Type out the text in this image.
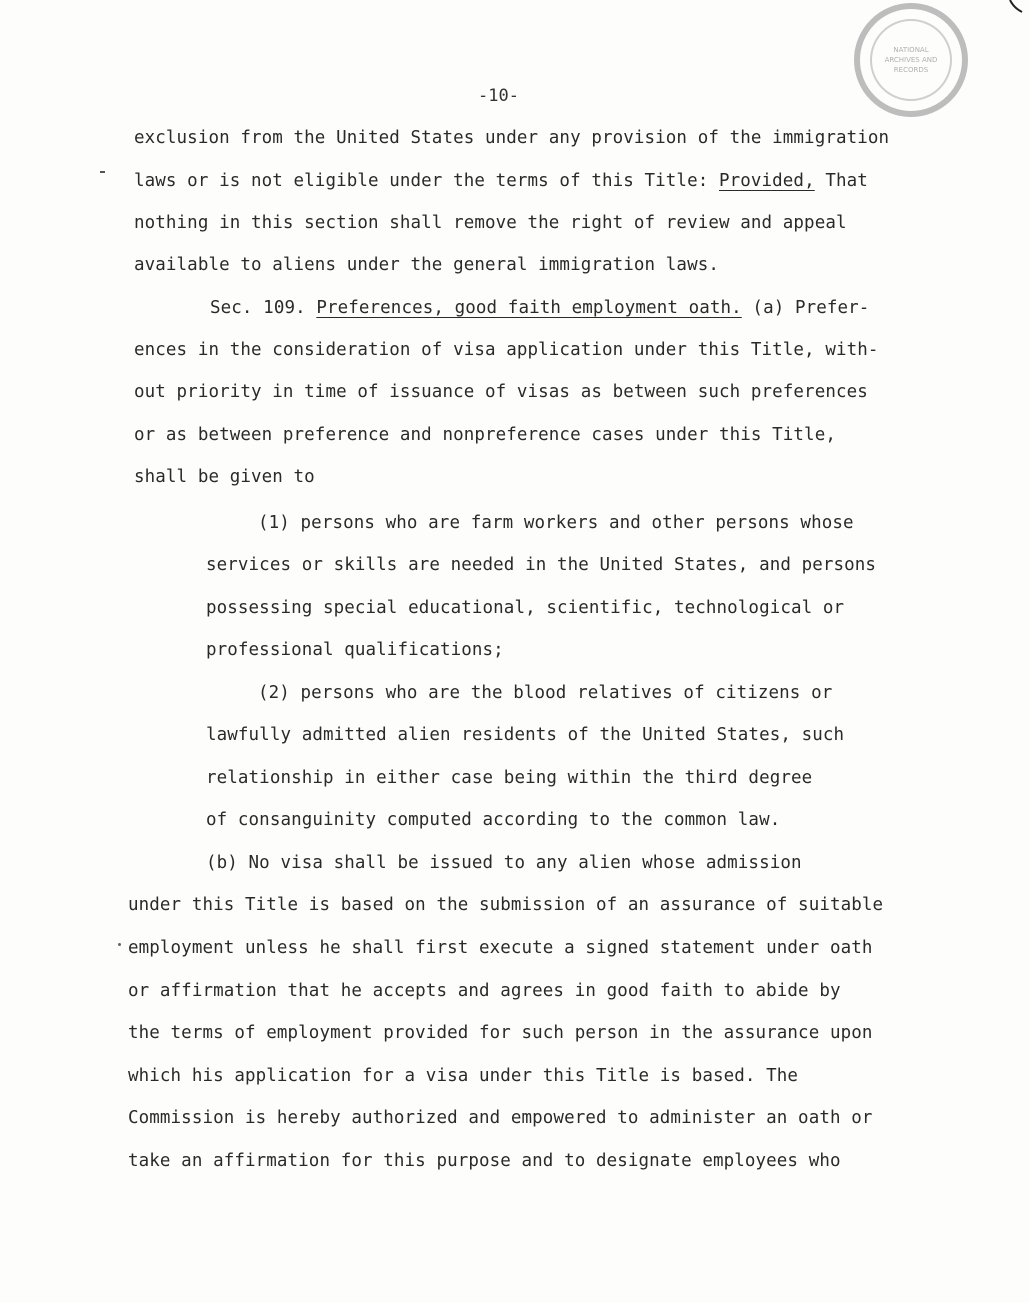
NATIONAL
ARCHIVES AND
RECORDS
-10-
exclusion from the United States under any provision of the immigration
laws or is not eligible under the terms of this Title: Provided, That
nothing in this section shall remove the right of review and appeal
available to aliens under the general immigration laws.
Sec. 109. Preferences, good faith employment oath. (a) Prefer-
ences in the consideration of visa application under this Title, with-
out priority in time of issuance of visas as between such preferences
or as between preference and nonpreference cases under this Title,
shall be given to
(1) persons who are farm workers and other persons whose
services or skills are needed in the United States, and persons
possessing special educational, scientific, technological or
professional qualifications;
(2) persons who are the blood relatives of citizens or
lawfully admitted alien residents of the United States, such
relationship in either case being within the third degree
of consanguinity computed according to the common law.
(b) No visa shall be issued to any alien whose admission
under this Title is based on the submission of an assurance of suitable
employment unless he shall first execute a signed statement under oath
or affirmation that he accepts and agrees in good faith to abide by
the terms of employment provided for such person in the assurance upon
which his application for a visa under this Title is based. The
Commission is hereby authorized and empowered to administer an oath or
take an affirmation for this purpose and to designate employees who
